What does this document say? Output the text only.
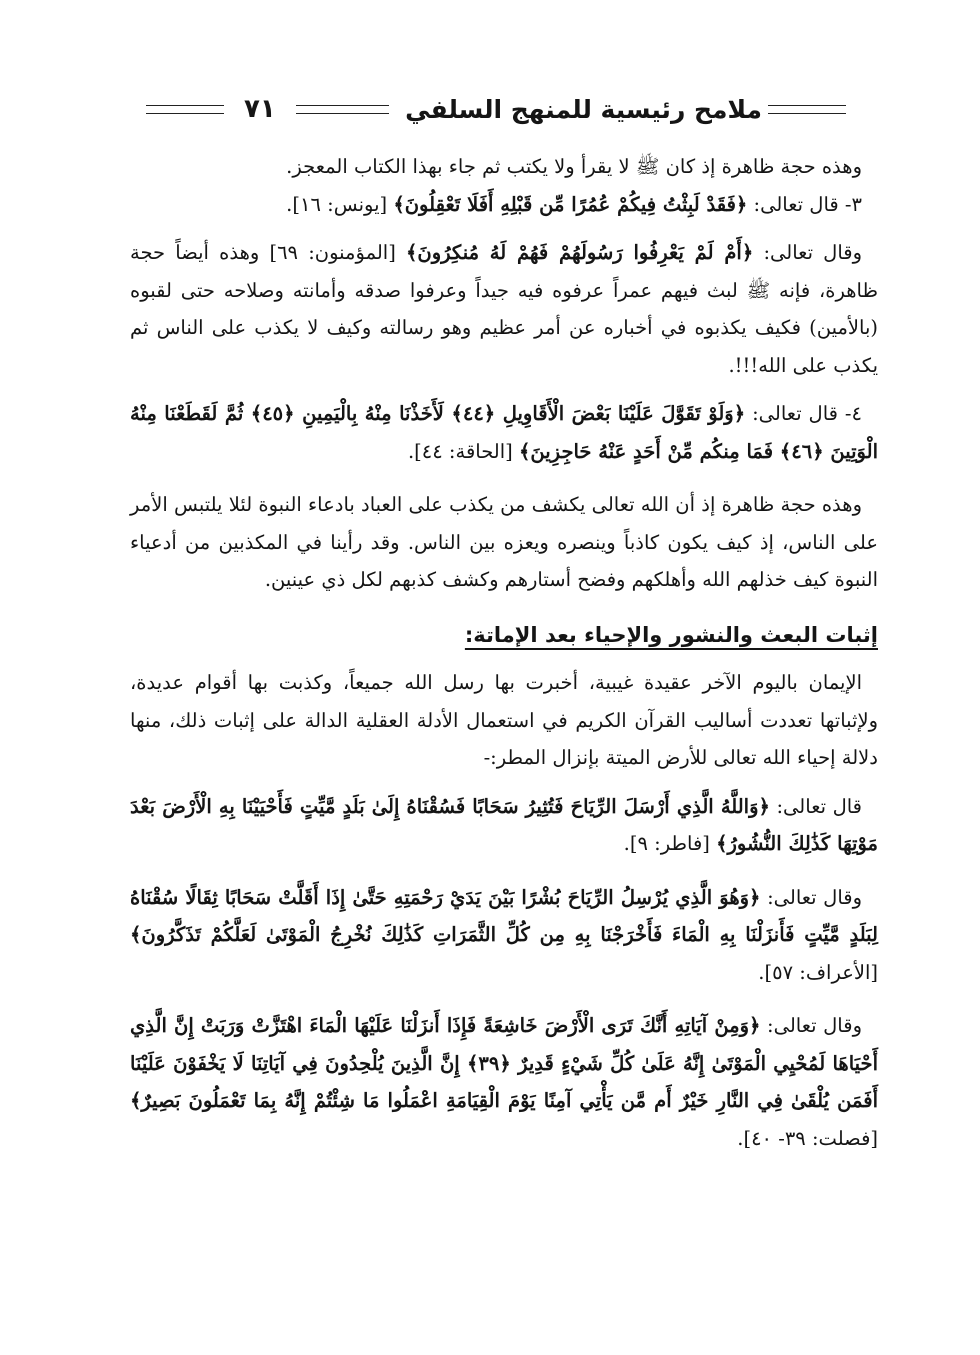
ملامح رئيسية للمنهج السلفي
٧١

وهذه حجة ظاهرة إذ كان ﷺ لا يقرأ ولا يكتب ثم جاء بهذا الكتاب المعجز.

٣- قال تعالى: ﴿فَقَدْ لَبِثْتُ فِيكُمْ عُمُرًا مِّن قَبْلِهِ أَفَلَا تَعْقِلُونَ﴾ [يونس: ١٦].

وقال تعالى: ﴿أَمْ لَمْ يَعْرِفُوا رَسُولَهُمْ فَهُمْ لَهُ مُنكِرُونَ﴾ [المؤمنون: ٦٩] وهذه أيضاً حجة ظاهرة، فإنه ﷺ لبث فيهم عمراً عرفوه فيه جيداً وعرفوا صدقه وأمانته وصلاحه حتى لقبوه (بالأمين) فكيف يكذبوه في أخباره عن أمر عظيم وهو رسالته وكيف لا يكذب على الناس ثم يكذب على الله!!!.

٤- قال تعالى: ﴿وَلَوْ تَقَوَّلَ عَلَيْنَا بَعْضَ الْأَقَاوِيلِ ﴿٤٤﴾ لَأَخَذْنَا مِنْهُ بِالْيَمِينِ ﴿٤٥﴾ ثُمَّ لَقَطَعْنَا مِنْهُ الْوَتِينَ ﴿٤٦﴾ فَمَا مِنكُم مِّنْ أَحَدٍ عَنْهُ حَاجِزِينَ﴾ [الحاقة: ٤٤].

وهذه حجة ظاهرة إذ أن الله تعالى يكشف من يكذب على العباد بادعاء النبوة لئلا يلتبس الأمر على الناس، إذ كيف يكون كاذباً وينصره ويعزه بين الناس. وقد رأينا في المكذبين من أدعياء النبوة كيف خذلهم الله وأهلكهم وفضح أستارهم وكشف كذبهم لكل ذي عينين.

إثبات البعث والنشور والإحياء بعد الإماتة:

الإيمان باليوم الآخر عقيدة غيبية، أخبرت بها رسل الله جميعاً، وكذبت بها أقوام عديدة، ولإثباتها تعددت أساليب القرآن الكريم في استعمال الأدلة العقلية الدالة على إثبات ذلك، منها دلالة إحياء الله تعالى للأرض الميتة بإنزال المطر:-

قال تعالى: ﴿وَاللَّهُ الَّذِي أَرْسَلَ الرِّيَاحَ فَتُثِيرُ سَحَابًا فَسُقْنَاهُ إِلَىٰ بَلَدٍ مَّيِّتٍ فَأَحْيَيْنَا بِهِ الْأَرْضَ بَعْدَ مَوْتِهَا كَذَٰلِكَ النُّشُورُ﴾ [فاطر: ٩].

وقال تعالى: ﴿وَهُوَ الَّذِي يُرْسِلُ الرِّيَاحَ بُشْرًا بَيْنَ يَدَيْ رَحْمَتِهِ حَتَّىٰ إِذَا أَقَلَّتْ سَحَابًا ثِقَالًا سُقْنَاهُ لِبَلَدٍ مَّيِّتٍ فَأَنزَلْنَا بِهِ الْمَاءَ فَأَخْرَجْنَا بِهِ مِن كُلِّ الثَّمَرَاتِ كَذَٰلِكَ نُخْرِجُ الْمَوْتَىٰ لَعَلَّكُمْ تَذَكَّرُونَ﴾ [الأعراف: ٥٧].

وقال تعالى: ﴿وَمِنْ آيَاتِهِ أَنَّكَ تَرَى الْأَرْضَ خَاشِعَةً فَإِذَا أَنزَلْنَا عَلَيْهَا الْمَاءَ اهْتَزَّتْ وَرَبَتْ إِنَّ الَّذِي أَحْيَاهَا لَمُحْيِي الْمَوْتَىٰ إِنَّهُ عَلَىٰ كُلِّ شَيْءٍ قَدِيرٌ ﴿٣٩﴾ إِنَّ الَّذِينَ يُلْحِدُونَ فِي آيَاتِنَا لَا يَخْفَوْنَ عَلَيْنَا أَفَمَن يُلْقَىٰ فِي النَّارِ خَيْرٌ أَم مَّن يَأْتِي آمِنًا يَوْمَ الْقِيَامَةِ اعْمَلُوا مَا شِئْتُمْ إِنَّهُ بِمَا تَعْمَلُونَ بَصِيرٌ﴾ [فصلت: ٣٩- ٤٠].
